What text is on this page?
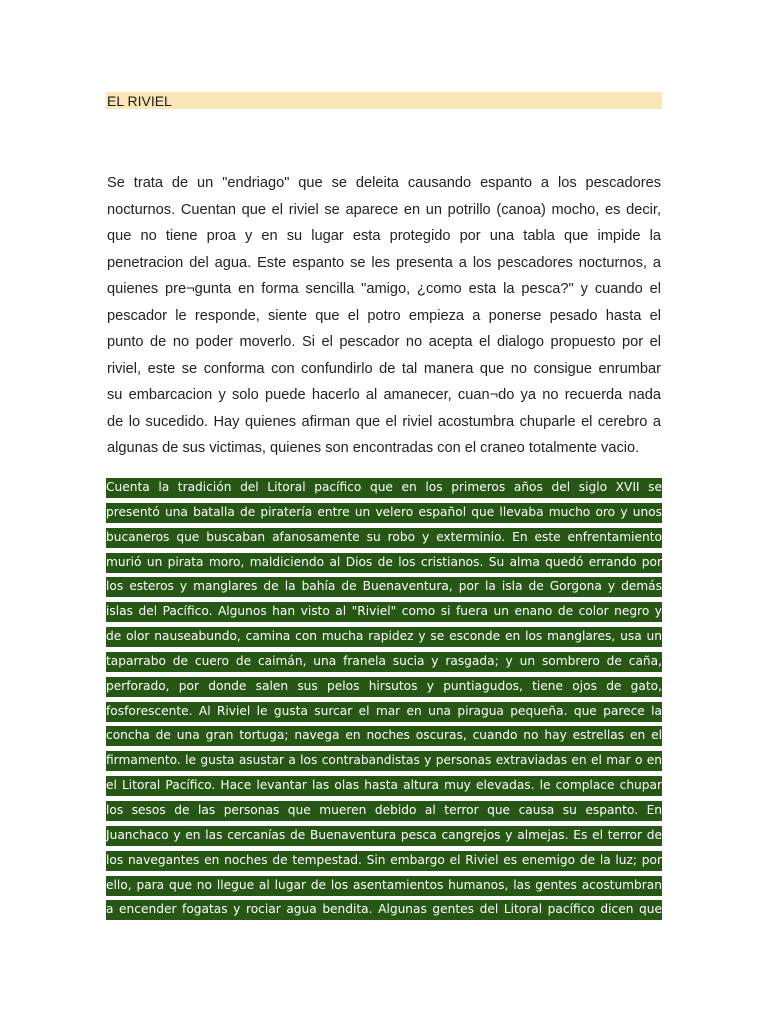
EL RIVIEL
Se trata de un "endriago" que se deleita causando espanto a los pescadores
nocturnos. Cuentan que el riviel se aparece en un potrillo (canoa) mocho, es decir,
que no tiene proa y en su lugar esta protegido por una tabla que impide la
penetracion del agua. Este espanto se les presenta a los pescadores nocturnos, a
quienes pre¬gunta en forma sencilla "amigo, ¿como esta la pesca?" y cuando el
pescador le responde, siente que el potro empieza a ponerse pesado hasta el
punto de no poder moverlo. Si el pescador no acepta el dialogo propuesto por el
riviel, este se conforma con confundirlo de tal manera que no consigue enrumbar
su embarcacion y solo puede hacerlo al amanecer, cuan¬do ya no recuerda nada
de lo sucedido. Hay quienes afirman que el riviel acostumbra chuparle el cerebro a
algunas de sus victimas, quienes son encontradas con el craneo totalmente vacio.
Cuenta la tradición del Litoral pacífico que en los primeros años del siglo XVII se
presentó una batalla de piratería entre un velero español que llevaba mucho oro y unos
bucaneros que buscaban afanosamente su robo y exterminio. En este enfrentamiento
murió un pirata moro, maldiciendo al Dios de los cristianos. Su alma quedó errando por
los esteros y manglares de la bahía de Buenaventura, por la isla de Gorgona y demás
islas del Pacífico. Algunos han visto al "Riviel" como si fuera un enano de color negro y
de olor nauseabundo, camina con mucha rapidez y se esconde en los manglares, usa un
taparrabo de cuero de caimán, una franela sucia y rasgada; y un sombrero de caña,
perforado, por donde salen sus pelos hirsutos y puntiagudos, tiene ojos de gato,
fosforescente. Al Riviel le gusta surcar el mar en una piragua pequeña. que parece la
concha de una gran tortuga; navega en noches oscuras, cuando no hay estrellas en el
firmamento. le gusta asustar a los contrabandistas y personas extraviadas en el mar o en
el Litoral Pacífico. Hace levantar las olas hasta altura muy elevadas. le complace chupar
los sesos de las personas que mueren debido al terror que causa su espanto. En
Juanchaco y en las cercanías de Buenaventura pesca cangrejos y almejas. Es el terror de
los navegantes en noches de tempestad. Sin embargo el Riviel es enemigo de la luz; por
ello, para que no llegue al lugar de los asentamientos humanos, las gentes acostumbran
a encender fogatas y rociar agua bendita. Algunas gentes del Litoral pacífico dicen que
